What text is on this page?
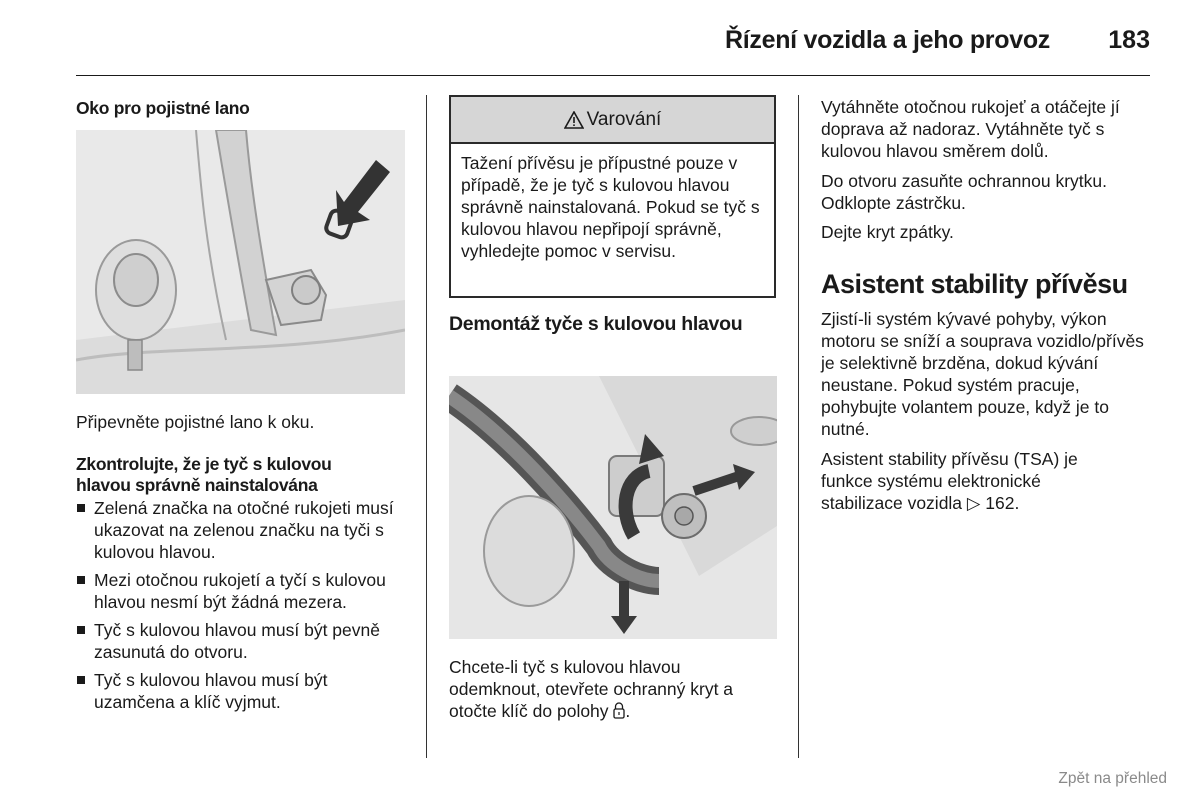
Řízení vozidla a jeho provoz 183
Oko pro pojistné lano
Připevněte pojistné lano k oku.
Zkontrolujte, že je tyč s kulovou hlavou správně nainstalována
Zelená značka na otočné rukojeti musí ukazovat na zelenou značku na tyči s kulovou hlavou.
Mezi otočnou rukojetí a tyčí s kulovou hlavou nesmí být žádná mezera.
Tyč s kulovou hlavou musí být pevně zasunutá do otvoru.
Tyč s kulovou hlavou musí být uzamčena a klíč vyjmut.
Varování
Tažení přívěsu je přípustné pouze v případě, že je tyč s kulovou hlavou správně nainstalovaná. Pokud se tyč s kulovou hlavou nepřipojí správně, vyhledejte pomoc v servisu.
Demontáž tyče s kulovou hlavou
Chcete-li tyč s kulovou hlavou odemknout, otevřete ochranný kryt a otočte klíč do polohy .

Vytáhněte otočnou rukojeť a otáčejte jí doprava až nadoraz. Vytáhněte tyč s kulovou hlavou směrem dolů.

Do otvoru zasuňte ochrannou krytku. Odklopte zástrčku.

Dejte kryt zpátky.

Asistent stability přívěsu

Zjistí-li systém kývavé pohyby, výkon motoru se sníží a souprava vozidlo/přívěs je selektivně brzděna, dokud kývání neustane. Pokud systém pracuje, pohybujte volantem pouze, když je to nutné.

Asistent stability přívěsu (TSA) je funkce systému elektronické stabilizace vozidla ▷ 162.

Zpět na přehled
